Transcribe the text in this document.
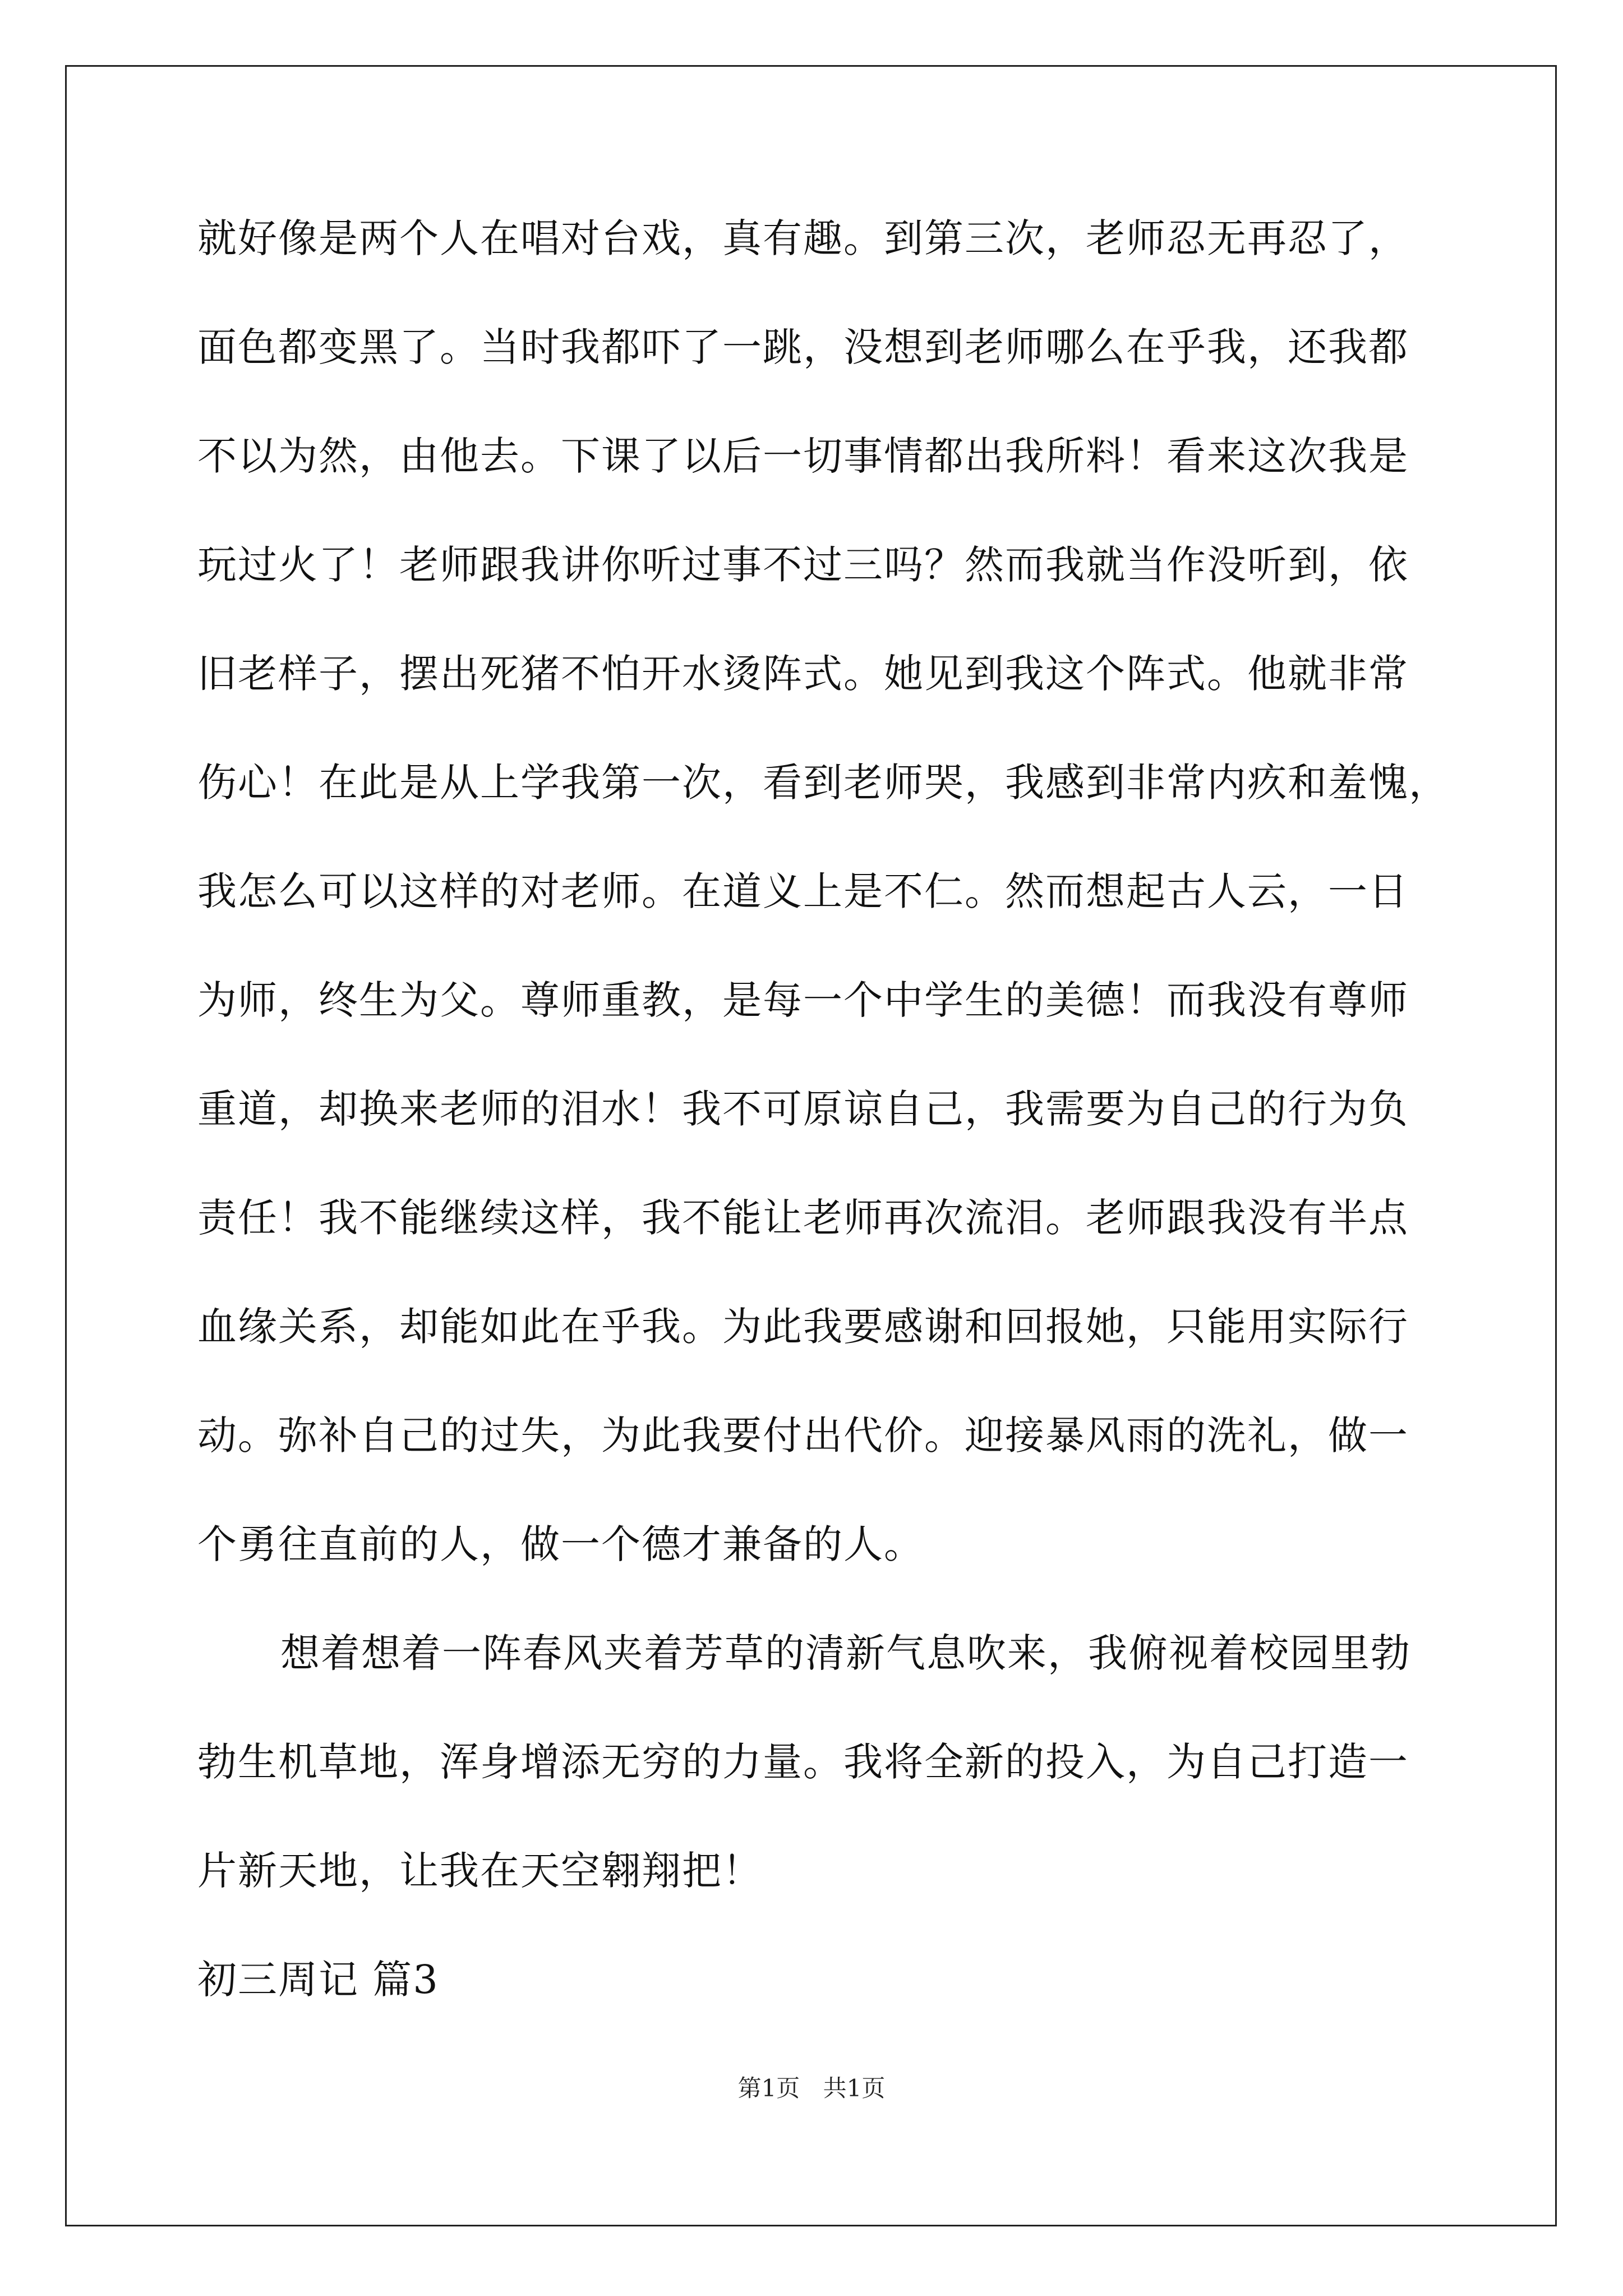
就好像是两个人在唱对台戏，真有趣。到第三次，老师忍无再忍了，
面色都变黑了。当时我都吓了一跳，没想到老师哪么在乎我，还我都
不以为然，由他去。下课了以后一切事情都出我所料！看来这次我是
玩过火了！老师跟我讲你听过事不过三吗？然而我就当作没听到，依
旧老样子，摆出死猪不怕开水烫阵式。她见到我这个阵式。他就非常
伤心！在此是从上学我第一次，看到老师哭，我感到非常内疚和羞愧，
我怎么可以这样的对老师。在道义上是不仁。然而想起古人云，一日
为师，终生为父。尊师重教，是每一个中学生的美德！而我没有尊师
重道，却换来老师的泪水！我不可原谅自己，我需要为自己的行为负
责任！我不能继续这样，我不能让老师再次流泪。老师跟我没有半点
血缘关系，却能如此在乎我。为此我要感谢和回报她，只能用实际行
动。弥补自己的过失，为此我要付出代价。迎接暴风雨的洗礼，做一
个勇往直前的人，做一个德才兼备的人。
想着想着一阵春风夹着芳草的清新气息吹来，我俯视着校园里勃
勃生机草地，浑身增添无穷的力量。我将全新的投入，为自己打造一
片新天地，让我在天空翱翔把！
初三周记 篇3
第1页 共1页
